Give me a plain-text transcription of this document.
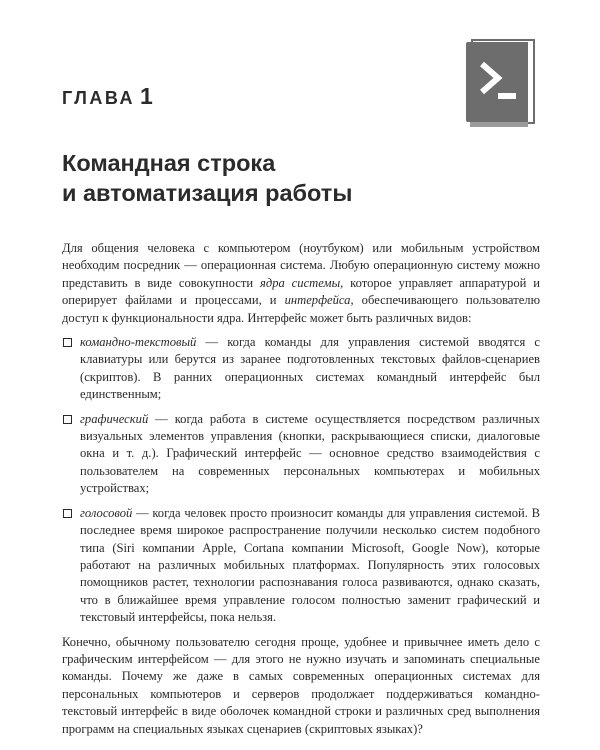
ГЛАВА 1
Командная строка
и автоматизация работы

Для общения человека с компьютером (ноутбуком) или мобильным устройством необходим посредник — операционная система. Любую операционную систему можно представить в виде совокупности ядра системы, которое управляет аппаратурой и оперирует файлами и процессами, и интерфейса, обеспечивающего пользователю доступ к функциональности ядра. Интерфейс может быть различных видов:

командно-текстовый — когда команды для управления системой вводятся с клавиатуры или берутся из заранее подготовленных текстовых файлов-сценариев (скриптов). В ранних операционных системах командный интерфейс был единственным;
графический — когда работа в системе осуществляется посредством различных визуальных элементов управления (кнопки, раскрывающиеся списки, диалоговые окна и т. д.). Графический интерфейс — основное средство взаимодействия с пользователем на современных персональных компьютерах и мобильных устройствах;
голосовой — когда человек просто произносит команды для управления системой. В последнее время широкое распространение получили несколько систем подобного типа (Siri компании Apple, Cortana компании Microsoft, Google Now), которые работают на различных мобильных платформах. Популярность этих голосовых помощников растет, технологии распознавания голоса развиваются, однако сказать, что в ближайшее время управление голосом полностью заменит графический и текстовый интерфейсы, пока нельзя.

Конечно, обычному пользователю сегодня проще, удобнее и привычнее иметь дело с графическим интерфейсом — для этого не нужно изучать и запоминать специальные команды. Почему же даже в самых современных операционных системах для персональных компьютеров и серверов продолжает поддерживаться командно-текстовый интерфейс в виде оболочек командной строки и различных сред выполнения программ на специальных языках сценариев (скриптовых языках)?
